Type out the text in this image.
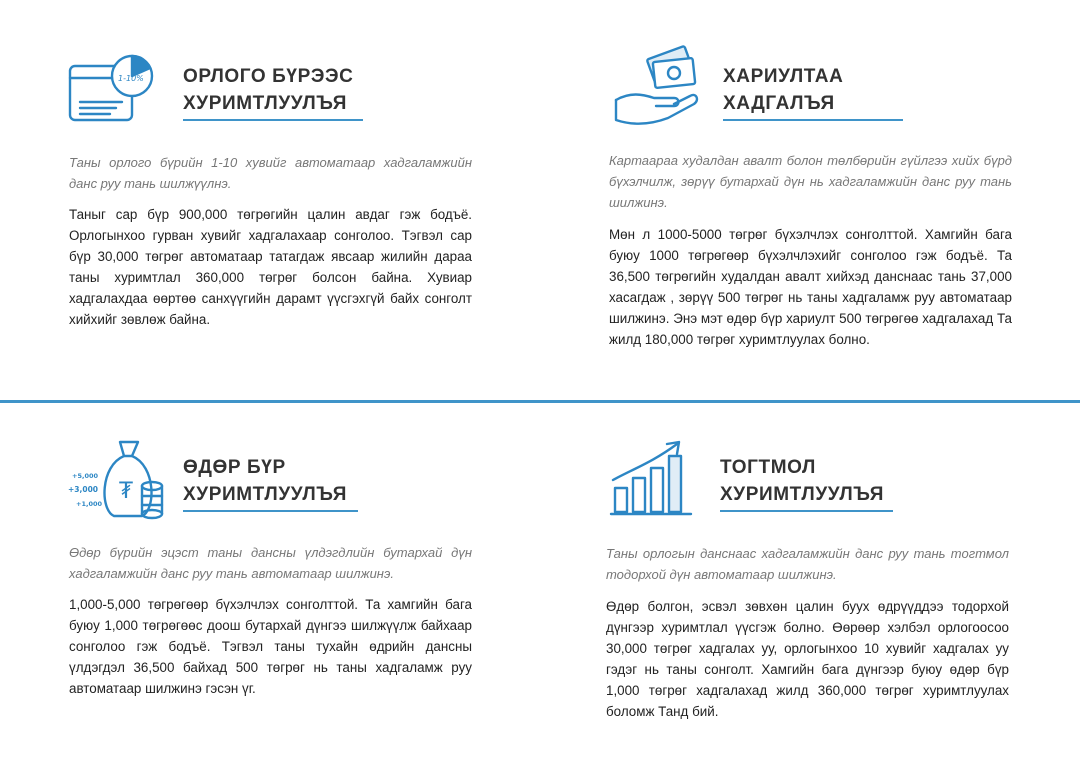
1-10% ОРЛОГО БҮРЭЭС
ХУРИМТЛУУЛЪЯ
Таны орлого бүрийн 1-10 хувийг автоматаар хадгаламжийн данс руу тань шилжүүлнэ.
Таныг сар бүр 900,000 төгрөгийн цалин авдаг гэж бодъё. Орлогынхоо гурван хувийг хадгалахаар сонголоо. Тэгвэл сар бүр 30,000 төгрөг автоматаар татагдаж явсаар жилийн дараа таны хуримтлал 360,000 төгрөг болсон байна. Хувиар хадгалахдаа өөртөө санхүүгийн дарамт үүсгэхгүй байх сонголт хийхийг зөвлөж байна.
ХАРИУЛТАА
ХАДГАЛЪЯ
Картаараа худалдан авалт болон төлбөрийн гүйлгээ хийх бүрд бүхэлчилж, зөрүү бутархай дүн нь хадгаламжийн данс руу тань шилжинэ.
Мөн л 1000-5000 төгрөг бүхэлчлэх сонголттой. Хамгийн бага буюу 1000 төгрөгөөр бүхэлчлэхийг сонголоо гэж бодъё. Та 36,500 төгрөгийн худалдан авалт хийхэд данснаас тань 37,000 хасагдаж , зөрүү 500 төгрөг нь таны хадгаламж руу автоматаар шилжинэ. Энэ мэт өдөр бүр хариулт 500 төгрөгөө хадгалахад Та жилд 180,000 төгрөг хуримтлуулах болно.
₮
+5,000
+3,000
+1,000
ӨДӨР БҮР
ХУРИМТЛУУЛЪЯ
Өдөр бүрийн эцэст таны дансны үлдэгдлийн бутархай дүн хадгаламжийн данс руу тань автоматаар шилжинэ.
1,000-5,000 төгрөгөөр бүхэлчлэх сонголттой. Та хамгийн бага буюу 1,000 төгрөгөөс доош бутархай дүнгээ шилжүүлж байхаар сонголоо гэж бодъё. Тэгвэл таны тухайн өдрийн дансны үлдэгдэл 36,500 байхад 500 төгрөг нь таны хадгаламж руу автоматаар шилжинэ гэсэн үг.
ТОГТМОЛ
ХУРИМТЛУУЛЪЯ
Таны орлогын данснаас хадгаламжийн данс руу тань тогтмол тодорхой дүн автоматаар шилжинэ.
Өдөр болгон, эсвэл зөвхөн цалин буух өдрүүддээ тодорхой дүнгээр хуримтлал үүсгэж болно. Өөрөөр хэлбэл орлогоосоо 30,000 төгрөг хадгалах уу, орлогынхоо 10 хувийг хадгалах уу гэдэг нь таны сонголт. Хамгийн бага дүнгээр буюу өдөр бүр 1,000 төгрөг хадгалахад жилд 360,000 төгрөг хуримтлуулах боломж Танд бий.
